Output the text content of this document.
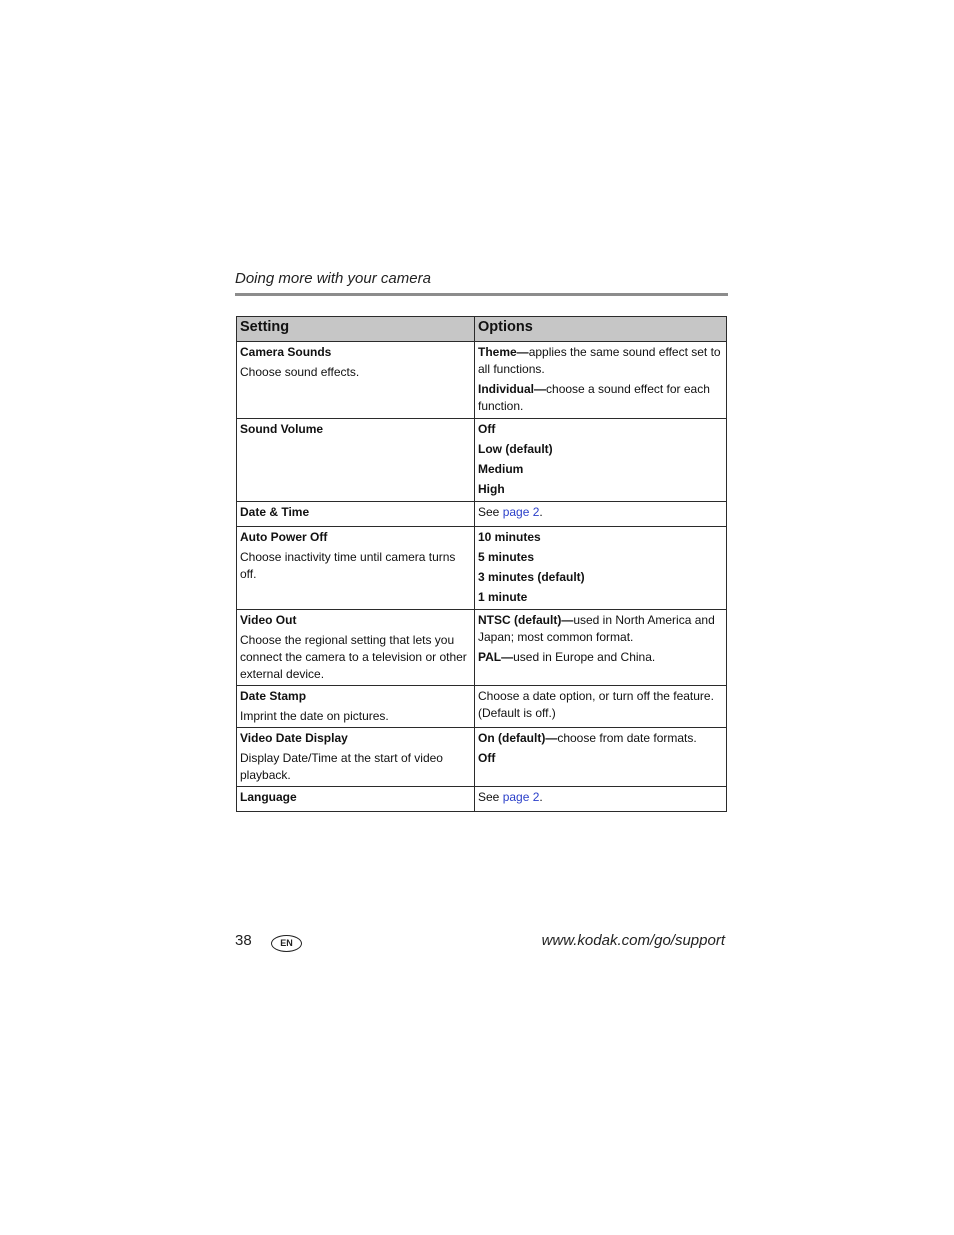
Doing more with your camera
Setting	Options

Camera Sounds
Choose sound effects.	Theme—applies the same sound effect set to all functions.
Individual—choose a sound effect for each function.

Sound Volume	Off
Low (default)
Medium
High

Date & Time	See page 2.

Auto Power Off
Choose inactivity time until camera turns off.	10 minutes
5 minutes
3 minutes (default)
1 minute

Video Out
Choose the regional setting that lets you connect the camera to a television or other external device.	NTSC (default)—used in North America and Japan; most common format.
PAL—used in Europe and China.

Date Stamp
Imprint the date on pictures.	Choose a date option, or turn off the feature. (Default is off.)

Video Date Display
Display Date/Time at the start of video playback.	On (default)—choose from date formats.
Off

Language	See page 2.
38	EN	www.kodak.com/go/support
